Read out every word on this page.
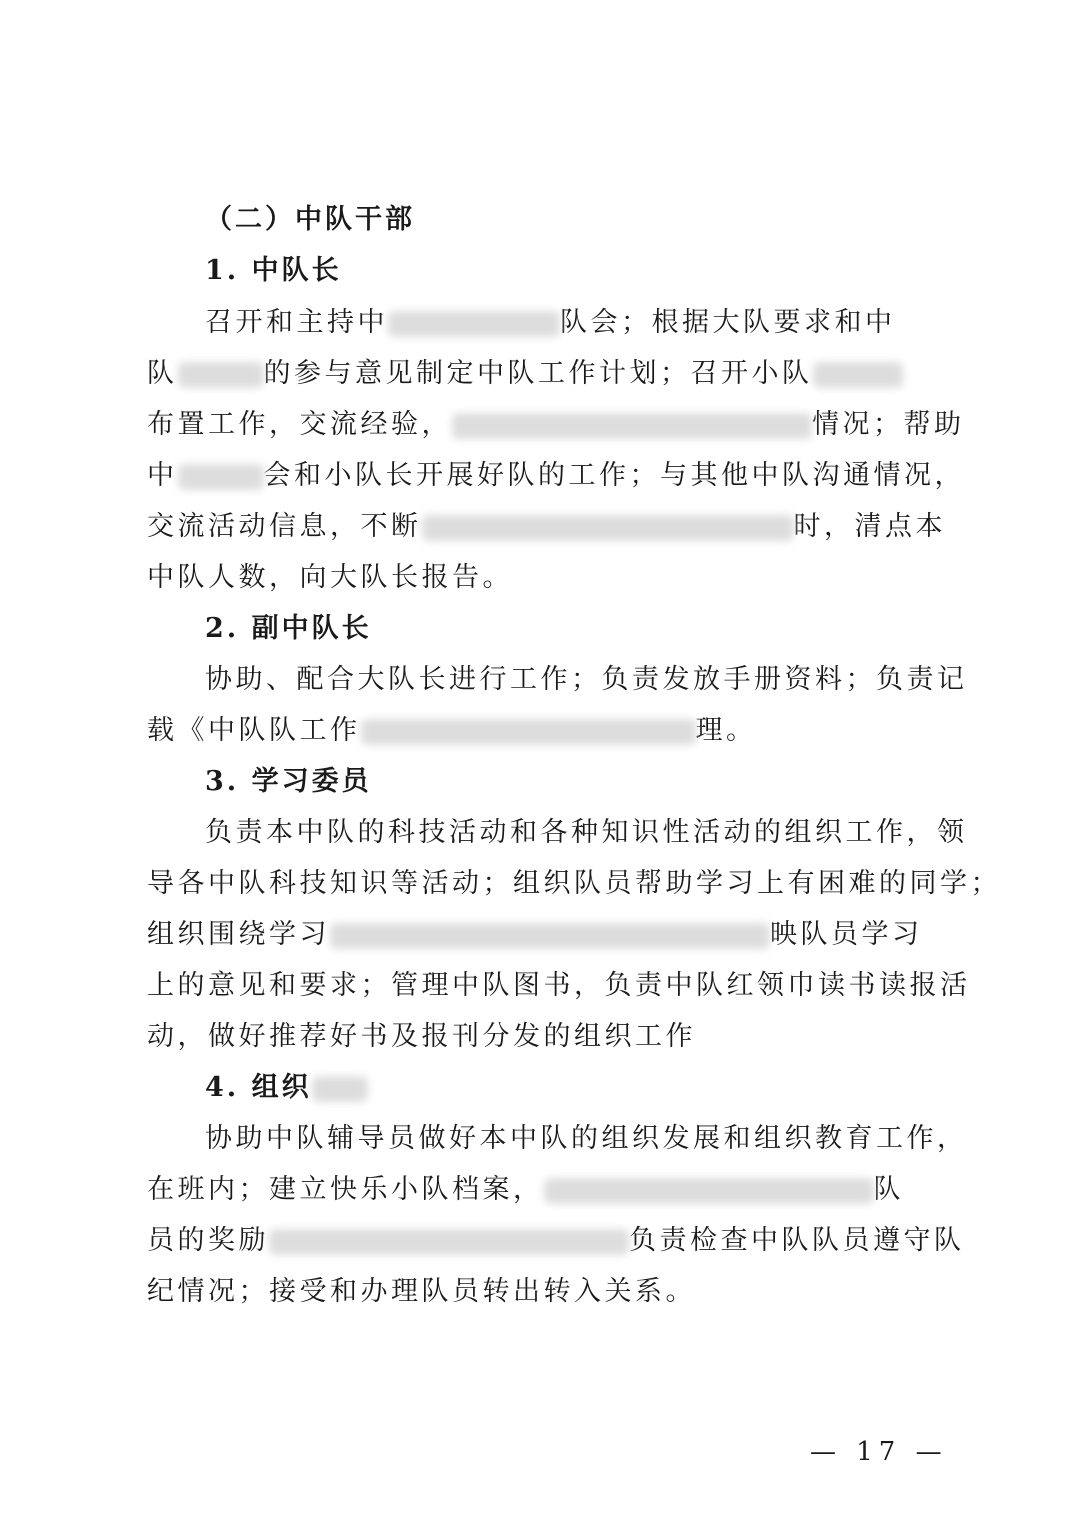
（二）中队干部
1. 中队长
召开和主持中	队会；根据大队要求和中
队	的参与意见制定中队工作计划；召开小队
布置工作，交流经验，	情况；帮助
中	会和小队长开展好队的工作；与其他中队沟通情况，
交流活动信息，不断	时，清点本
中队人数，向大队长报告。
2. 副中队长
协助、配合大队长进行工作；负责发放手册资料；负责记
载《中队队工作	理。
3. 学习委员
负责本中队的科技活动和各种知识性活动的组织工作，领
导各中队科技知识等活动；组织队员帮助学习上有困难的同学；
组织围绕学习	映队员学习
上的意见和要求；管理中队图书，负责中队红领巾读书读报活
动，做好推荐好书及报刊分发的组织工作
4. 组织
协助中队辅导员做好本中队的组织发展和组织教育工作，
在班内；建立快乐小队档案，	队
员的奖励	负责检查中队队员遵守队
纪情况；接受和办理队员转出转入关系。
— 17 —
